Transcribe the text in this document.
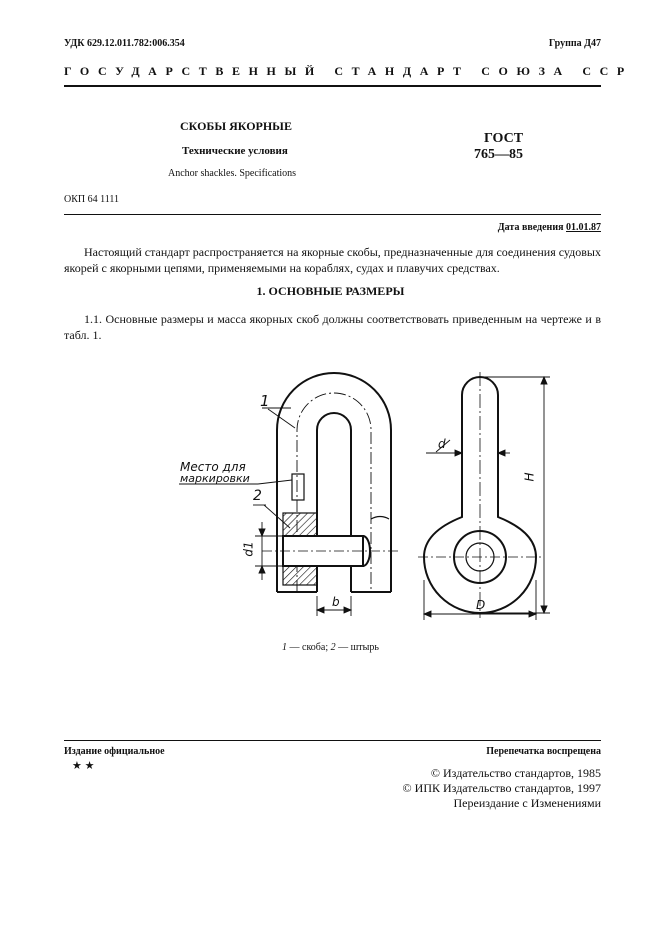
УДК 629.12.011.782:006.354	Группа Д47
ГОСУДАРСТВЕННЫЙ СТАНДАРТ СОЮЗА ССР
СКОБЫ ЯКОРНЫЕ
Технические условия
Anchor shackles. Specifications
ОКП 64 1111
ГОСТ
765—85
Дата введения 01.01.87
Настоящий стандарт распространяется на якорные скобы, предназначенные для соединения судовых якорей с якорными цепями, применяемыми на кораблях, судах и плавучих средствах.
1. ОСНОВНЫЕ РАЗМЕРЫ
1.1. Основные размеры и масса якорных скоб должны соответствовать приведенным на чертеже и в табл. 1.
1
Место для
маркировки
2
d1
b
d
H
D
1 — скоба; 2 — штырь
Издание официальное	Перепечатка воспрещена
★ ★	© Издательство стандартов, 1985
© ИПК Издательство стандартов, 1997
Переиздание с Изменениями
